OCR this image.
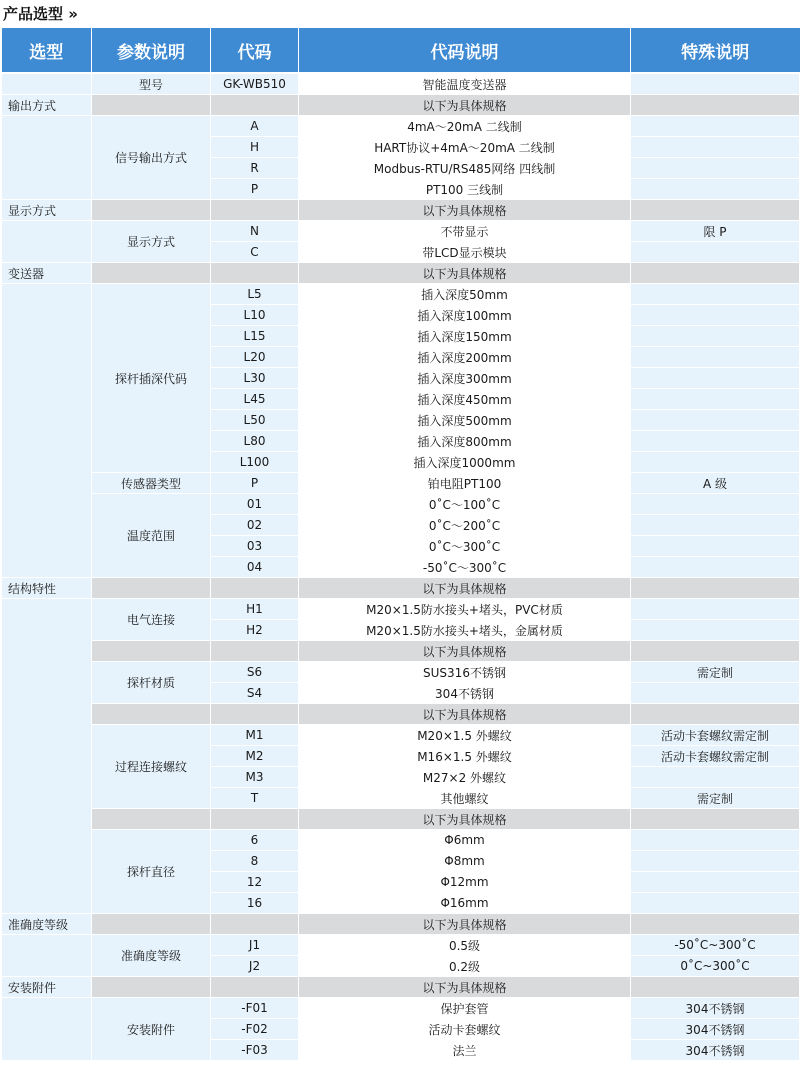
产品选型 »
选型	参数说明	代码	代码说明	特殊说明
	型号	GK-WB510	智能温度变送器	
输出方式			以下为具体规格	
	信号输出方式	A	4mA～20mA 二线制	
		H	HART协议+4mA～20mA 二线制	
		R	Modbus-RTU/RS485网络 四线制	
		P	PT100 三线制	
显示方式			以下为具体规格	
	显示方式	N	不带显示	限 P
		C	带LCD显示模块	
变送器			以下为具体规格	
	探杆插深代码	L5	插入深度50mm	
		L10	插入深度100mm	
		L15	插入深度150mm	
		L20	插入深度200mm	
		L30	插入深度300mm	
		L45	插入深度450mm	
		L50	插入深度500mm	
		L80	插入深度800mm	
		L100	插入深度1000mm	
	传感器类型	P	铂电阻PT100	A 级
	温度范围	01	0˚C～100˚C	
		02	0˚C～200˚C	
		03	0˚C～300˚C	
		04	-50˚C～300˚C	
结构特性			以下为具体规格	
	电气连接	H1	M20×1.5防水接头+堵头，PVC材质	
		H2	M20×1.5防水接头+堵头，金属材质	
			以下为具体规格	
	探杆材质	S6	SUS316不锈钢	需定制
		S4	304不锈钢	
			以下为具体规格	
	过程连接螺纹	M1	M20×1.5 外螺纹	活动卡套螺纹需定制
		M2	M16×1.5 外螺纹	活动卡套螺纹需定制
		M3	M27×2 外螺纹	
		T	其他螺纹	需定制
			以下为具体规格	
	探杆直径	6	Φ6mm	
		8	Φ8mm	
		12	Φ12mm	
		16	Φ16mm	
准确度等级			以下为具体规格	
	准确度等级	J1	0.5级	-50˚C~300˚C
		J2	0.2级	0˚C~300˚C
安装附件			以下为具体规格	
	安装附件	-F01	保护套管	304不锈钢
		-F02	活动卡套螺纹	304不锈钢
		-F03	法兰	304不锈钢
